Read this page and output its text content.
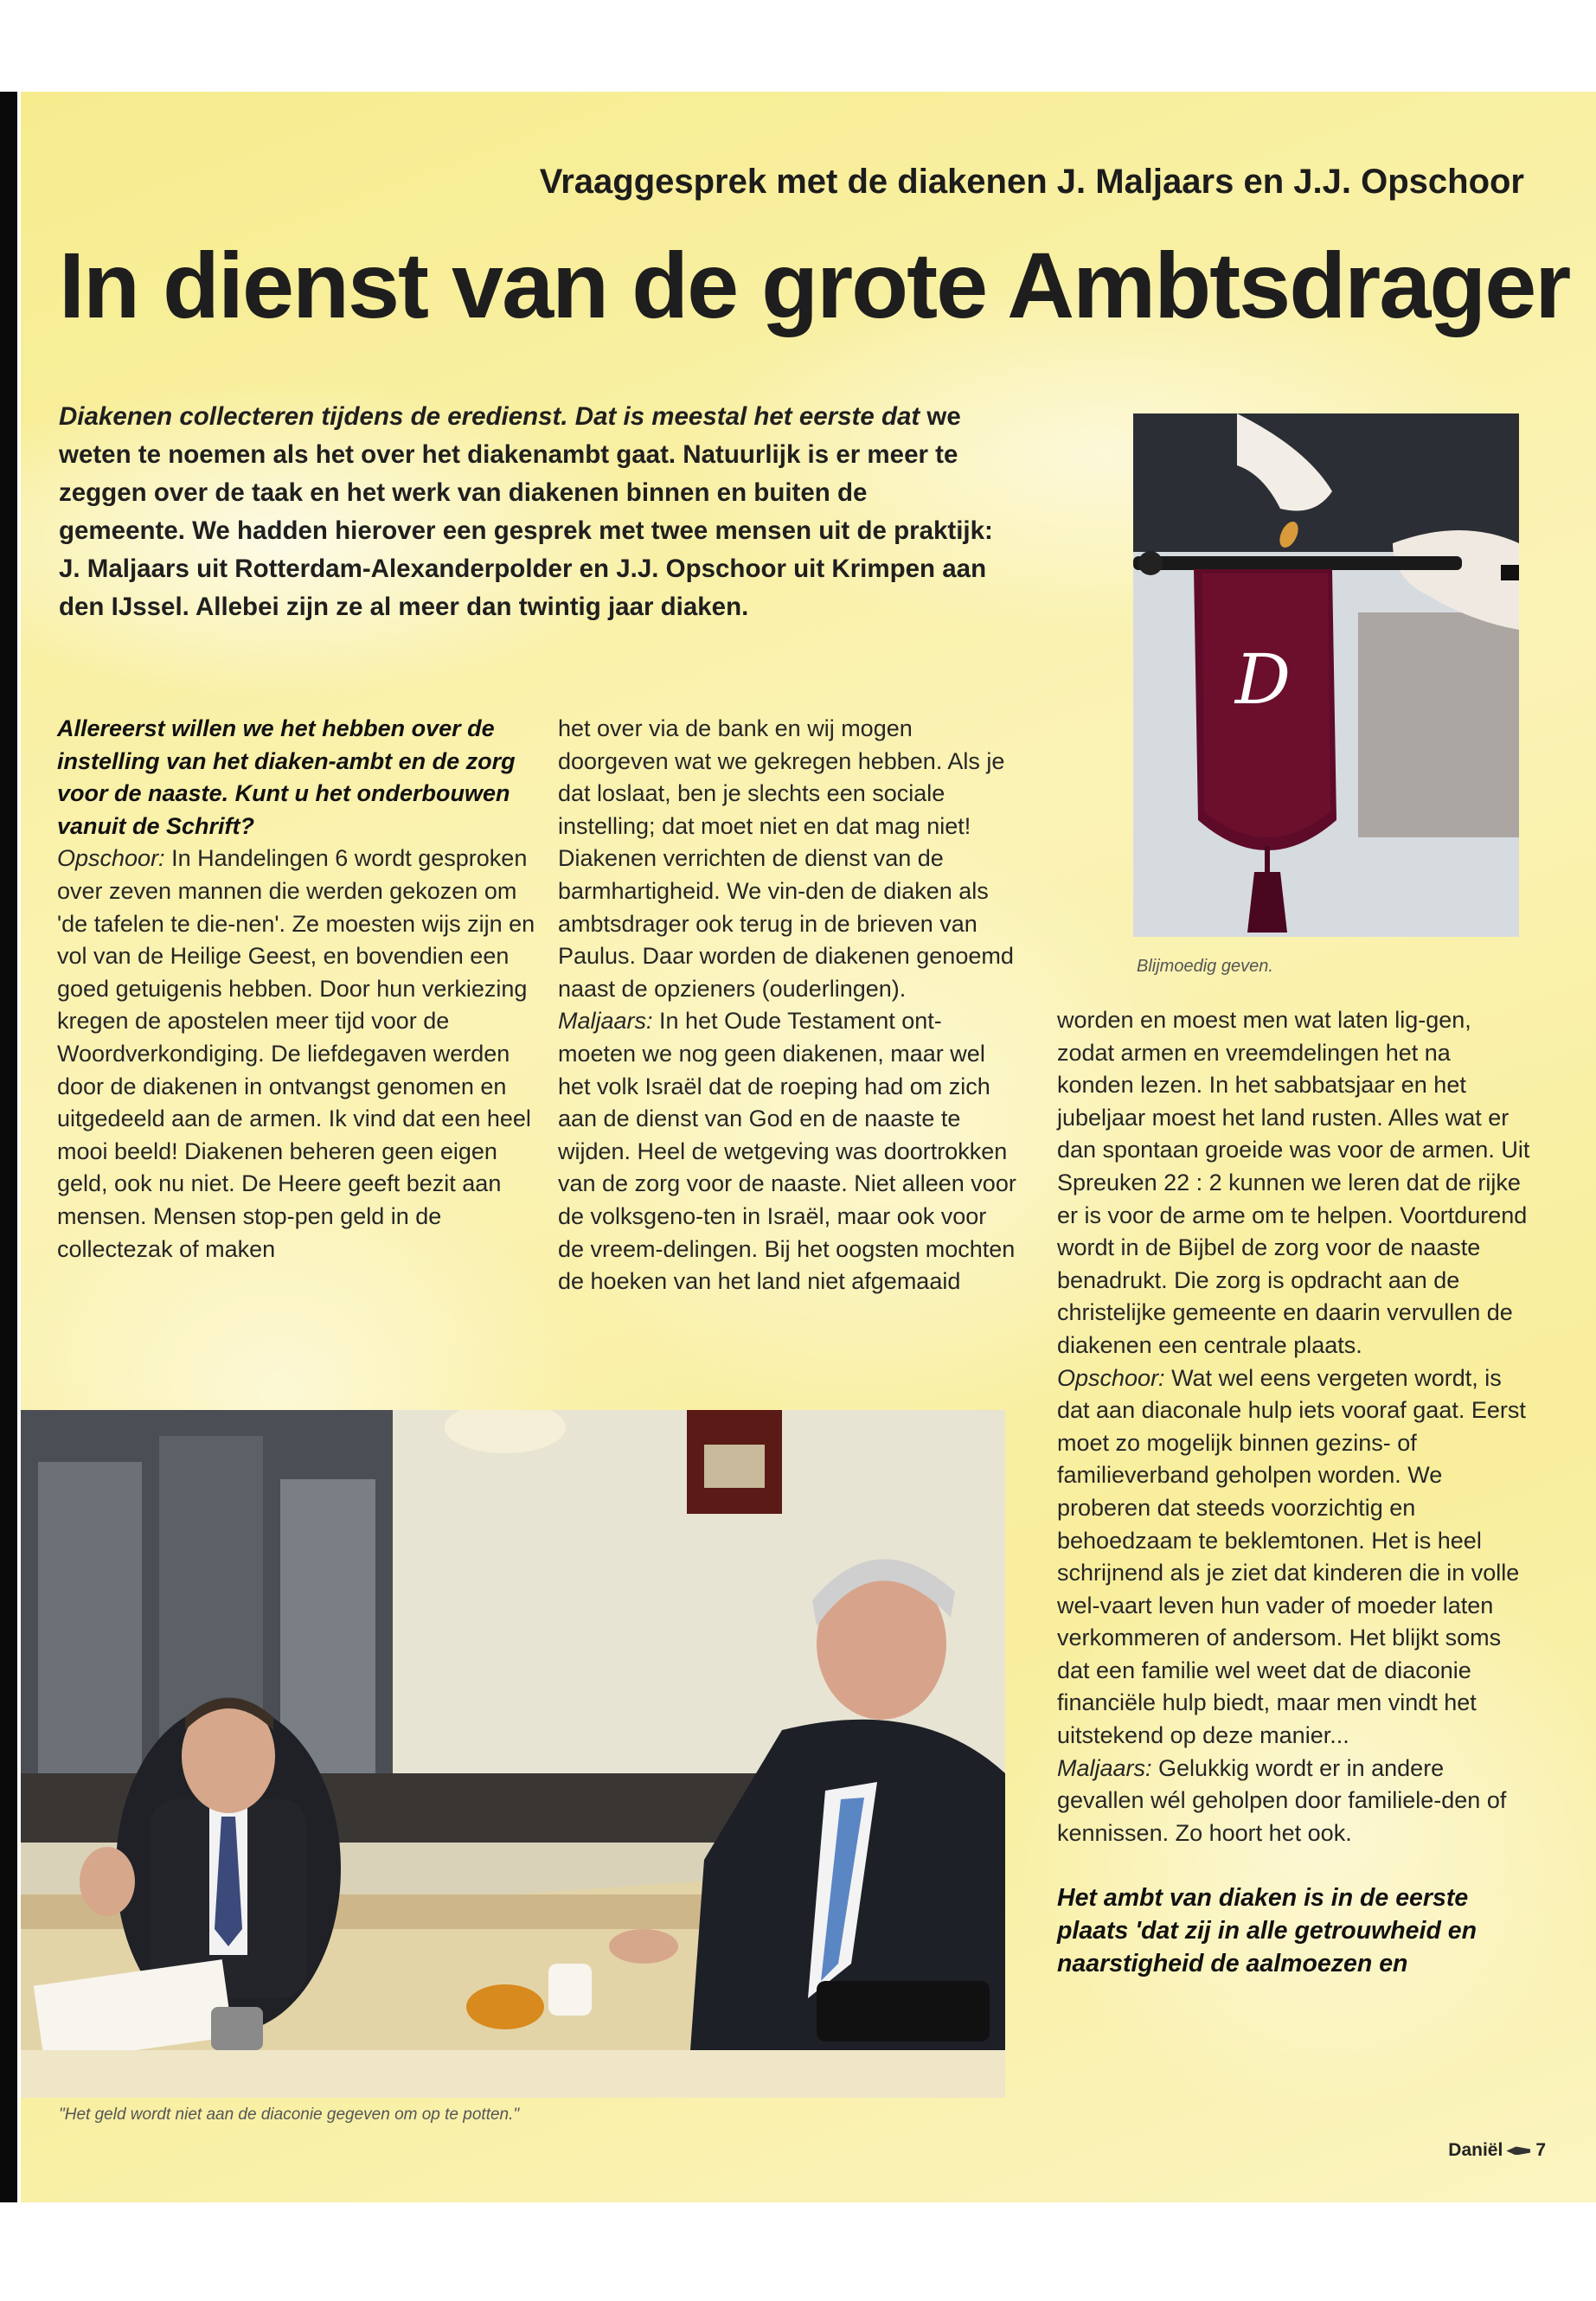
Vraaggesprek met de diakenen J. Maljaars en J.J. Opschoor
In dienst van de grote Ambtsdrager
Diakenen collecteren tijdens de eredienst. Dat is meestal het eerste dat we weten te noemen als het over het diakenambt gaat. Natuurlijk is er meer te zeggen over de taak en het werk van diakenen binnen en buiten de gemeente. We hadden hierover een gesprek met twee mensen uit de praktijk: J. Maljaars uit Rotterdam-Alexanderpolder en J.J. Opschoor uit Krimpen aan den IJssel. Allebei zijn ze al meer dan twintig jaar diaken.
D
Blijmoedig geven.

Allereerst willen we het hebben over de instelling van het diaken-ambt en de zorg voor de naaste. Kunt u het onderbouwen vanuit de Schrift?
Opschoor: In Handelingen 6 wordt gesproken over zeven mannen die werden gekozen om 'de tafelen te die-nen'. Ze moesten wijs zijn en vol van de Heilige Geest, en bovendien een goed getuigenis hebben. Door hun verkiezing kregen de apostelen meer tijd voor de Woordverkondiging. De liefdegaven werden door de diakenen in ontvangst genomen en uitgedeeld aan de armen. Ik vind dat een heel mooi beeld! Diakenen beheren geen eigen geld, ook nu niet. De Heere geeft bezit aan mensen. Mensen stop-pen geld in de collectezak of maken

het over via de bank en wij mogen doorgeven wat we gekregen hebben. Als je dat loslaat, ben je slechts een sociale instelling; dat moet niet en dat mag niet! Diakenen verrichten de dienst van de barmhartigheid. We vin-den de diaken als ambtsdrager ook terug in de brieven van Paulus. Daar worden de diakenen genoemd naast de opzieners (ouderlingen).
Maljaars: In het Oude Testament ont-moeten we nog geen diakenen, maar wel het volk Israël dat de roeping had om zich aan de dienst van God en de naaste te wijden. Heel de wetgeving was doortrokken van de zorg voor de naaste. Niet alleen voor de volksgeno-ten in Israël, maar ook voor de vreem-delingen. Bij het oogsten mochten de hoeken van het land niet afgemaaid

worden en moest men wat laten lig-gen, zodat armen en vreemdelingen het na konden lezen. In het sabbatsjaar en het jubeljaar moest het land rusten. Alles wat er dan spontaan groeide was voor de armen. Uit Spreuken 22 : 2 kunnen we leren dat de rijke er is voor de arme om te helpen. Voortdurend wordt in de Bijbel de zorg voor de naaste benadrukt. Die zorg is opdracht aan de christelijke gemeente en daarin vervullen de diakenen een centrale plaats.
Opschoor: Wat wel eens vergeten wordt, is dat aan diaconale hulp iets vooraf gaat. Eerst moet zo mogelijk binnen gezins- of familieverband geholpen worden. We proberen dat steeds voorzichtig en behoedzaam te beklemtonen. Het is heel schrijnend als je ziet dat kinderen die in volle wel-vaart leven hun vader of moeder laten verkommeren of andersom. Het blijkt soms dat een familie wel weet dat de diaconie financiële hulp biedt, maar men vindt het uitstekend op deze manier...
Maljaars: Gelukkig wordt er in andere gevallen wél geholpen door familiele-den of kennissen. Zo hoort het ook.

Het ambt van diaken is in de eerste plaats 'dat zij in alle getrouwheid en naarstigheid de aalmoezen en

"Het geld wordt niet aan de diaconie gegeven om op te potten."
Daniël 7
